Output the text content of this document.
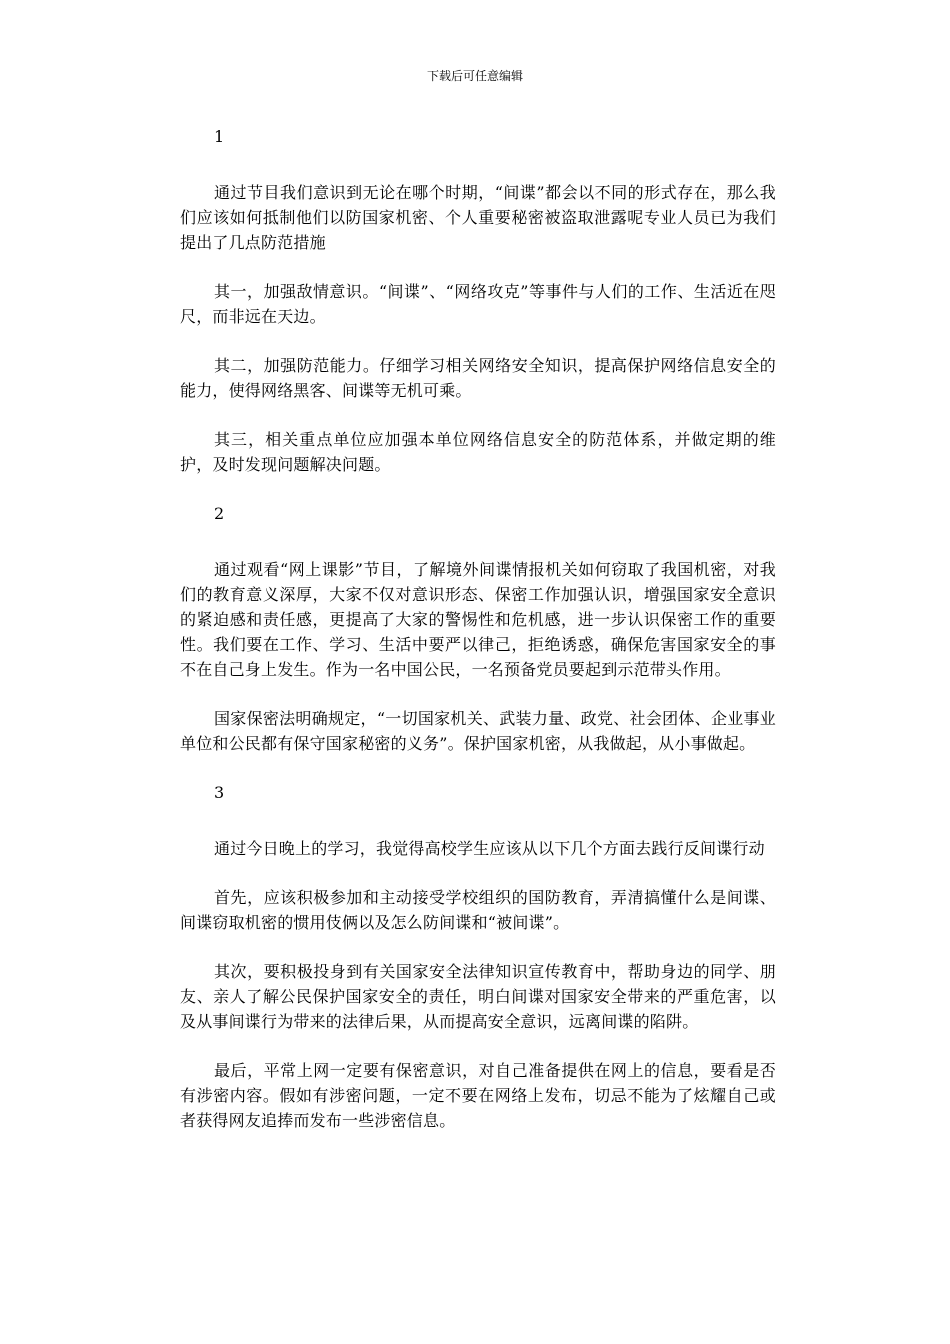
下载后可任意编辑

1

通过节目我们意识到无论在哪个时期，“间谍”都会以不同的形式存在，那么我们应该如何抵制他们以防国家机密、个人重要秘密被盗取泄露呢专业人员已为我们提出了几点防范措施

其一，加强敌情意识。“间谍”、“网络攻克”等事件与人们的工作、生活近在咫尺，而非远在天边。

其二，加强防范能力。仔细学习相关网络安全知识，提高保护网络信息安全的能力，使得网络黑客、间谍等无机可乘。

其三，相关重点单位应加强本单位网络信息安全的防范体系，并做定期的维护，及时发现问题解决问题。

2

通过观看“网上课影”节目，了解境外间谍情报机关如何窃取了我国机密，对我们的教育意义深厚，大家不仅对意识形态、保密工作加强认识，增强国家安全意识的紧迫感和责任感，更提高了大家的警惕性和危机感，进一步认识保密工作的重要性。我们要在工作、学习、生活中要严以律己，拒绝诱惑，确保危害国家安全的事不在自己身上发生。作为一名中国公民，一名预备党员要起到示范带头作用。

国家保密法明确规定，“一切国家机关、武装力量、政党、社会团体、企业事业单位和公民都有保守国家秘密的义务”。保护国家机密，从我做起，从小事做起。

3

通过今日晚上的学习，我觉得高校学生应该从以下几个方面去践行反间谍行动

首先，应该积极参加和主动接受学校组织的国防教育，弄清搞懂什么是间谍、间谍窃取机密的惯用伎俩以及怎么防间谍和“被间谍”。

其次，要积极投身到有关国家安全法律知识宣传教育中，帮助身边的同学、朋友、亲人了解公民保护国家安全的责任，明白间谍对国家安全带来的严重危害，以及从事间谍行为带来的法律后果，从而提高安全意识，远离间谍的陷阱。

最后，平常上网一定要有保密意识，对自己准备提供在网上的信息，要看是否有涉密内容。假如有涉密问题，一定不要在网络上发布，切忌不能为了炫耀自己或者获得网友追捧而发布一些涉密信息。
